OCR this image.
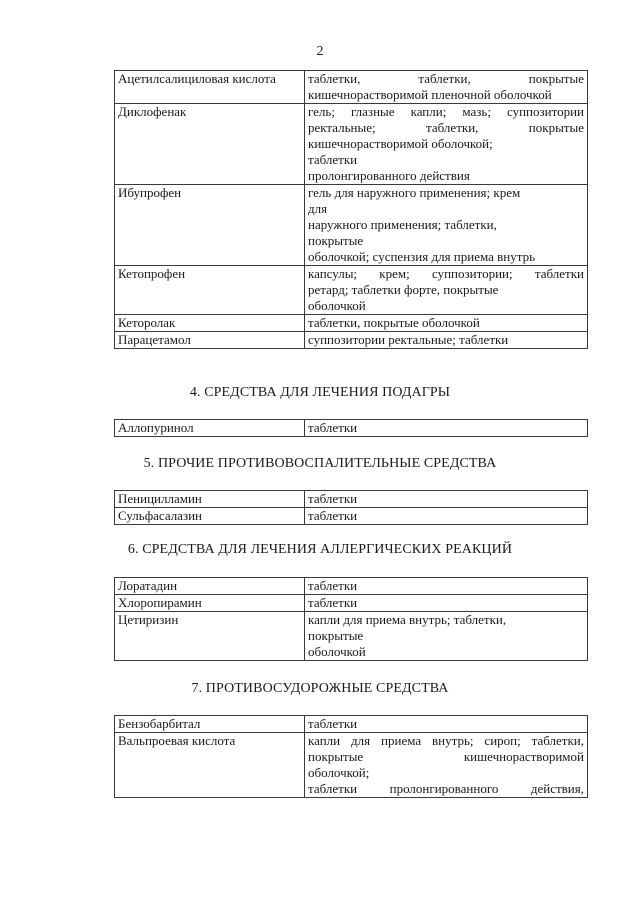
2
Ацетилсалициловая кислота	таблетки, таблетки, покрытые
кишечнорастворимой пленочной оболочкой

Диклофенак	гель; глазные капли; мазь; суппозитории
ректальные; таблетки, покрытые
кишечнорастворимой оболочкой;
таблетки
пролонгированного действия

Ибупрофен	гель для наружного применения; крем
для
наружного применения; таблетки,
покрытые
оболочкой; суспензия для приема внутрь

Кетопрофен	капсулы; крем; суппозитории; таблетки
ретард; таблетки форте, покрытые
оболочкой

Кеторолак	таблетки, покрытые оболочкой

Парацетамол	суппозитории ректальные; таблетки
4. СРЕДСТВА ДЛЯ ЛЕЧЕНИЯ ПОДАГРЫ
Аллопуринол	таблетки
5. ПРОЧИЕ ПРОТИВОВОСПАЛИТЕЛЬНЫЕ СРЕДСТВА
Пеницилламин	таблетки

Сульфасалазин	таблетки
6. СРЕДСТВА ДЛЯ ЛЕЧЕНИЯ АЛЛЕРГИЧЕСКИХ РЕАКЦИЙ
Лоратадин	таблетки

Хлоропирамин	таблетки

Цетиризин	капли для приема внутрь; таблетки,
покрытые
оболочкой
7. ПРОТИВОСУДОРОЖНЫЕ СРЕДСТВА
Бензобарбитал	таблетки

Вальпроевая кислота	капли для приема внутрь; сироп; таблетки,
покрытые кишечнорастворимой
оболочкой;
таблетки пролонгированного действия,
